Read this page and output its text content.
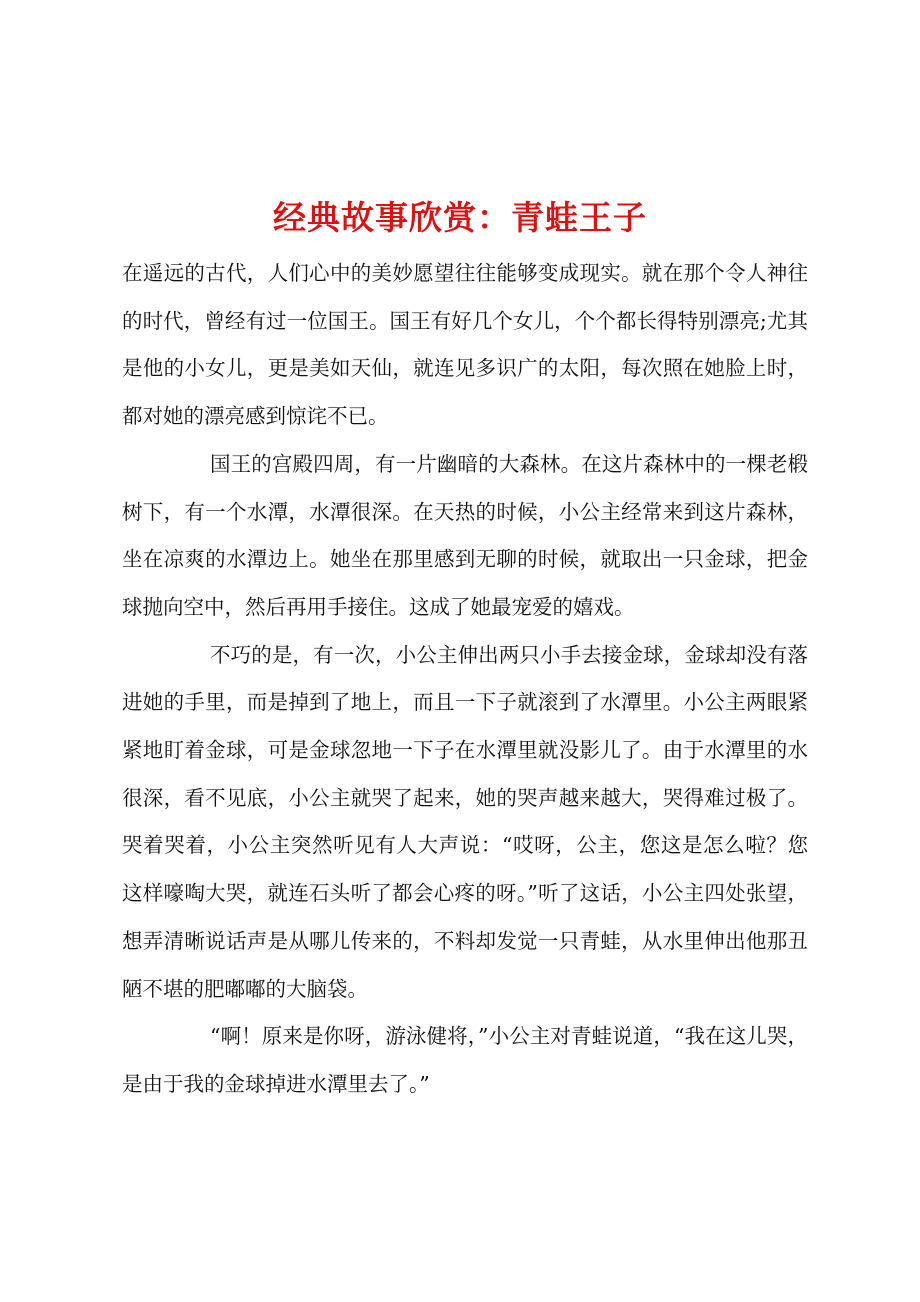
经典故事欣赏：青蛙王子

在遥远的古代，人们心中的美妙愿望往往能够变成现实。就在那个令人神往的时代，曾经有过一位国王。国王有好几个女儿，个个都长得特别漂亮;尤其是他的小女儿，更是美如天仙，就连见多识广的太阳，每次照在她脸上时，都对她的漂亮感到惊诧不已。

国王的宫殿四周，有一片幽暗的大森林。在这片森林中的一棵老椴树下，有一个水潭，水潭很深。在天热的时候，小公主经常来到这片森林，坐在凉爽的水潭边上。她坐在那里感到无聊的时候，就取出一只金球，把金球抛向空中，然后再用手接住。这成了她最宠爱的嬉戏。

不巧的是，有一次，小公主伸出两只小手去接金球，金球却没有落进她的手里，而是掉到了地上，而且一下子就滚到了水潭里。小公主两眼紧紧地盯着金球，可是金球忽地一下子在水潭里就没影儿了。由于水潭里的水很深，看不见底，小公主就哭了起来，她的哭声越来越大，哭得难过极了。哭着哭着，小公主突然听见有人大声说：“哎呀，公主，您这是怎么啦？您这样嚎啕大哭，就连石头听了都会心疼的呀。”听了这话，小公主四处张望，想弄清晰说话声是从哪儿传来的，不料却发觉一只青蛙，从水里伸出他那丑陋不堪的肥嘟嘟的大脑袋。

“啊！原来是你呀，游泳健将，”小公主对青蛙说道，“我在这儿哭，是由于我的金球掉进水潭里去了。”
